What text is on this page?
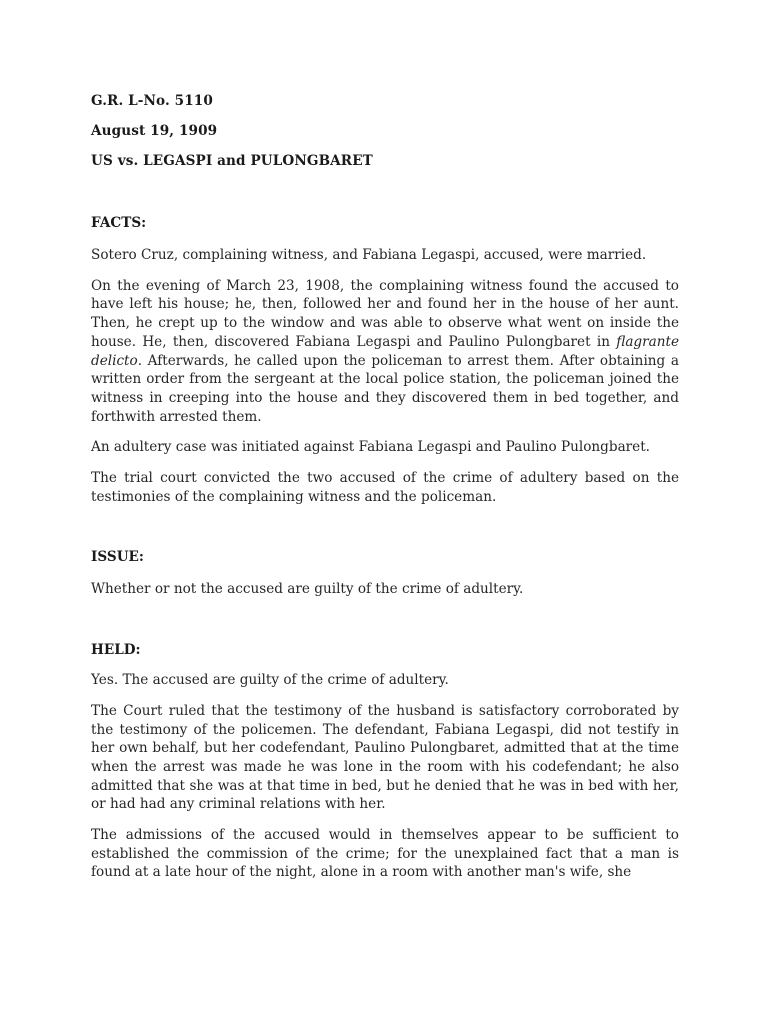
G.R. L-No. 5110

August 19, 1909

US vs. LEGASPI and PULONGBARET

FACTS:

Sotero Cruz, complaining witness, and Fabiana Legaspi, accused, were married.

On the evening of March 23, 1908, the complaining witness found the accused to have left his house; he, then, followed her and found her in the house of her aunt. Then, he crept up to the window and was able to observe what went on inside the house. He, then, discovered Fabiana Legaspi and Paulino Pulongbaret in flagrante delicto. Afterwards, he called upon the policeman to arrest them. After obtaining a written order from the sergeant at the local police station, the policeman joined the witness in creeping into the house and they discovered them in bed together, and forthwith arrested them.

An adultery case was initiated against Fabiana Legaspi and Paulino Pulongbaret.

The trial court convicted the two accused of the crime of adultery based on the testimonies of the complaining witness and the policeman.

ISSUE:

Whether or not the accused are guilty of the crime of adultery.

HELD:

Yes. The accused are guilty of the crime of adultery.

The Court ruled that the testimony of the husband is satisfactory corroborated by the testimony of the policemen. The defendant, Fabiana Legaspi, did not testify in her own behalf, but her codefendant, Paulino Pulongbaret, admitted that at the time when the arrest was made he was lone in the room with his codefendant; he also admitted that she was at that time in bed, but he denied that he was in bed with her, or had had any criminal relations with her.

The admissions of the accused would in themselves appear to be sufficient to established the commission of the crime; for the unexplained fact that a man is found at a late hour of the night, alone in a room with another man's wife, she
